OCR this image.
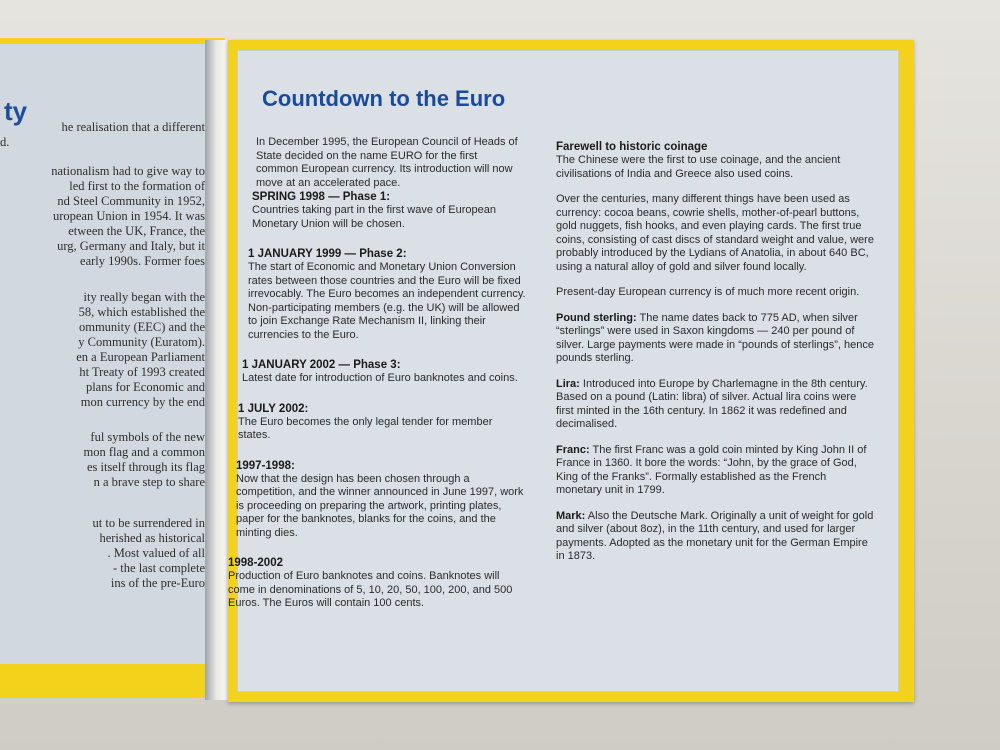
ty

he realisation that a different

d.

nationalism had to give way to

led first to the formation of

nd Steel Community in 1952,

uropean Union in 1954. It was

etween the UK, France, the

urg, Germany and Italy, but it

early 1990s. Former foes

ity really began with the

58, which established the

ommunity (EEC) and the

y Community (Euratom).

en a European Parliament

ht Treaty of 1993 created

plans for Economic and

mon currency by the end

ful symbols of the new

mon flag and a common

es itself through its flag

n a brave step to share

ut to be surrendered in

herished as historical

. Most valued of all

- the last complete

ins of the pre-Euro

Countdown to the Euro

In December 1995, the European Council of Heads of State decided on the name EURO for the first common European currency. Its introduction will now move at an accelerated pace.

SPRING 1998 — Phase 1:

Countries taking part in the first wave of European Monetary Union will be chosen.

1 JANUARY 1999 — Phase 2:

The start of Economic and Monetary Union Conversion rates between those countries and the Euro will be fixed irrevocably. The Euro becomes an independent currency. Non-participating members (e.g. the UK) will be allowed to join Exchange Rate Mechanism II, linking their currencies to the Euro.

1 JANUARY 2002 — Phase 3:

Latest date for introduction of Euro banknotes and coins.

1 JULY 2002:

The Euro becomes the only legal tender for member states.

1997-1998:

Now that the design has been chosen through a competition, and the winner announced in June 1997, work is proceeding on preparing the artwork, printing plates, paper for the banknotes, blanks for the coins, and the minting dies.

1998-2002

Production of Euro banknotes and coins. Banknotes will come in denominations of 5, 10, 20, 50, 100, 200, and 500 Euros. The Euros will contain 100 cents.

Farewell to historic coinage

The Chinese were the first to use coinage, and the ancient civilisations of India and Greece also used coins.

Over the centuries, many different things have been used as currency: cocoa beans, cowrie shells, mother-of-pearl buttons, gold nuggets, fish hooks, and even playing cards. The first true coins, consisting of cast discs of standard weight and value, were probably introduced by the Lydians of Anatolia, in about 640 BC, using a natural alloy of gold and silver found locally.

Present-day European currency is of much more recent origin.

Pound sterling: The name dates back to 775 AD, when silver “sterlings” were used in Saxon kingdoms — 240 per pound of silver. Large payments were made in “pounds of sterlings”, hence pounds sterling.

Lira: Introduced into Europe by Charlemagne in the 8th century. Based on a pound (Latin: libra) of silver. Actual lira coins were first minted in the 16th century. In 1862 it was redefined and decimalised.

Franc: The first Franc was a gold coin minted by King John II of France in 1360. It bore the words: “John, by the grace of God, King of the Franks”. Formally established as the French monetary unit in 1799.

Mark: Also the Deutsche Mark. Originally a unit of weight for gold and silver (about 8oz), in the 11th century, and used for larger payments. Adopted as the monetary unit for the German Empire in 1873.
